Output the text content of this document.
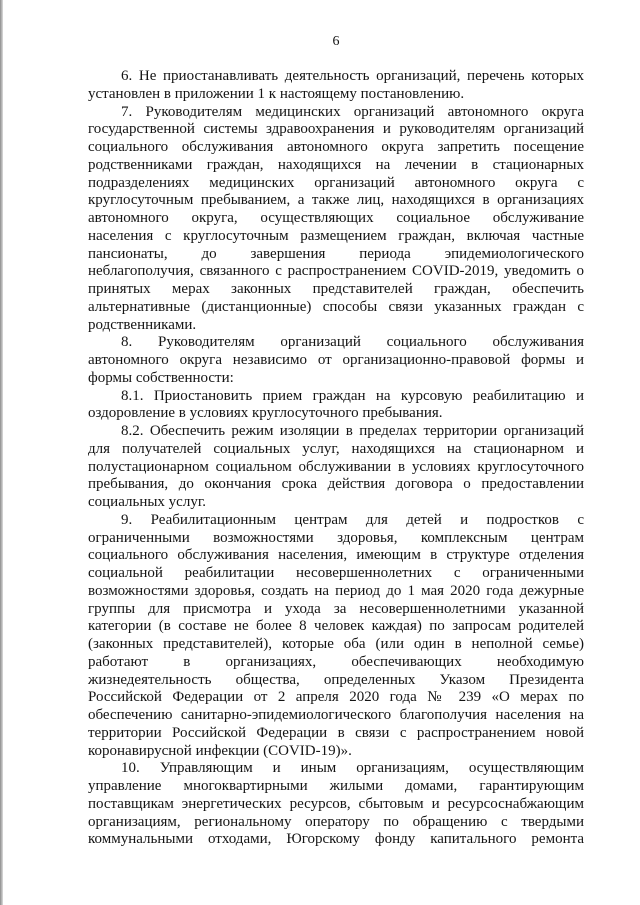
6
6. Не приостанавливать деятельность организаций, перечень которых
установлен в приложении 1 к настоящему постановлению.
7. Руководителям медицинских организаций автономного округа
государственной системы здравоохранения и руководителям организаций
социального обслуживания автономного округа запретить посещение
родственниками граждан, находящихся на лечении в стационарных
подразделениях медицинских организаций автономного округа с
круглосуточным пребыванием, а также лиц, находящихся в организациях
автономного округа, осуществляющих социальное обслуживание
населения с круглосуточным размещением граждан, включая частные
пансионаты, до завершения периода эпидемиологического
неблагополучия, связанного с распространением COVID-2019, уведомить о
принятых мерах законных представителей граждан, обеспечить
альтернативные (дистанционные) способы связи указанных граждан с
родственниками.
8. Руководителям организаций социального обслуживания
автономного округа независимо от организационно-правовой формы и
формы собственности:
8.1. Приостановить прием граждан на курсовую реабилитацию и
оздоровление в условиях круглосуточного пребывания.
8.2. Обеспечить режим изоляции в пределах территории организаций
для получателей социальных услуг, находящихся на стационарном и
полустационарном социальном обслуживании в условиях круглосуточного
пребывания, до окончания срока действия договора о предоставлении
социальных услуг.
9. Реабилитационным центрам для детей и подростков с
ограниченными возможностями здоровья, комплексным центрам
социального обслуживания населения, имеющим в структуре отделения
социальной реабилитации несовершеннолетних с ограниченными
возможностями здоровья, создать на период до 1 мая 2020 года дежурные
группы для присмотра и ухода за несовершеннолетними указанной
категории (в составе не более 8 человек каждая) по запросам родителей
(законных представителей), которые оба (или один в неполной семье)
работают в организациях, обеспечивающих необходимую
жизнедеятельность общества, определенных Указом Президента
Российской Федерации от 2 апреля 2020 года № 239 «О мерах по
обеспечению санитарно-эпидемиологического благополучия населения на
территории Российской Федерации в связи с распространением новой
коронавирусной инфекции (COVID-19)».
10. Управляющим и иным организациям, осуществляющим
управление многоквартирными жилыми домами, гарантирующим
поставщикам энергетических ресурсов, сбытовым и ресурсоснабжающим
организациям, региональному оператору по обращению с твердыми
коммунальными отходами, Югорскому фонду капитального ремонта
